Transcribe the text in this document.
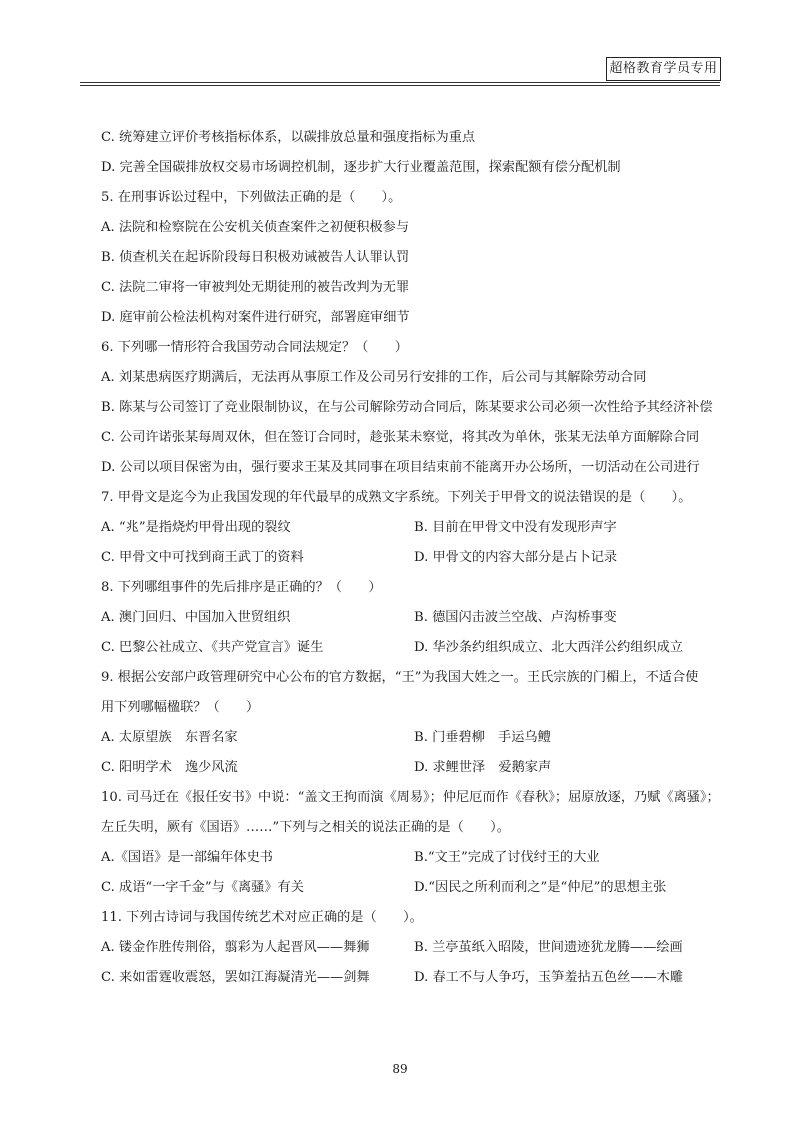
超格教育学员专用
C. 统筹建立评价考核指标体系，以碳排放总量和强度指标为重点
D. 完善全国碳排放权交易市场调控机制，逐步扩大行业覆盖范围，探索配额有偿分配机制
5. 在刑事诉讼过程中，下列做法正确的是（　　）。
A. 法院和检察院在公安机关侦查案件之初便积极参与
B. 侦查机关在起诉阶段每日积极劝诫被告人认罪认罚
C. 法院二审将一审被判处无期徒刑的被告改判为无罪
D. 庭审前公检法机构对案件进行研究，部署庭审细节
6. 下列哪一情形符合我国劳动合同法规定？（　　）
A. 刘某患病医疗期满后，无法再从事原工作及公司另行安排的工作，后公司与其解除劳动合同
B. 陈某与公司签订了竞业限制协议，在与公司解除劳动合同后，陈某要求公司必须一次性给予其经济补偿
C. 公司许诺张某每周双休，但在签订合同时，趁张某未察觉，将其改为单休，张某无法单方面解除合同
D. 公司以项目保密为由，强行要求王某及其同事在项目结束前不能离开办公场所，一切活动在公司进行
7. 甲骨文是迄今为止我国发现的年代最早的成熟文字系统。下列关于甲骨文的说法错误的是（　　）。
A. “兆”是指烧灼甲骨出现的裂纹	B. 目前在甲骨文中没有发现形声字
C. 甲骨文中可找到商王武丁的资料	D. 甲骨文的内容大部分是占卜记录
8. 下列哪组事件的先后排序是正确的？（　　）
A. 澳门回归、中国加入世贸组织	B. 德国闪击波兰空战、卢沟桥事变
C. 巴黎公社成立、《共产党宣言》诞生	D. 华沙条约组织成立、北大西洋公约组织成立
9. 根据公安部户政管理研究中心公布的官方数据，“王”为我国大姓之一。王氏宗族的门楣上，不适合使
用下列哪幅楹联？（　　）
A. 太原望族　东晋名家	B. 门垂碧柳　手运乌鳢
C. 阳明学术　逸少风流	D. 求鲤世泽　爱鹅家声
10. 司马迁在《报任安书》中说：“盖文王拘而演《周易》；仲尼厄而作《春秋》；屈原放逐，乃赋《离骚》；
左丘失明，厥有《国语》……”下列与之相关的说法正确的是（　　）。
A.《国语》是一部编年体史书	B.“文王”完成了讨伐纣王的大业
C. 成语“一字千金”与《离骚》有关	D.“因民之所利而利之”是“仲尼”的思想主张
11. 下列古诗词与我国传统艺术对应正确的是（　　）。
A. 镂金作胜传荆俗，翦彩为人起晋风——舞狮	B. 兰亭茧纸入昭陵，世间遗迹犹龙腾——绘画
C. 来如雷霆收震怒，罢如江海凝清光——剑舞	D. 春工不与人争巧，玉笋羞拈五色丝——木雕
89
